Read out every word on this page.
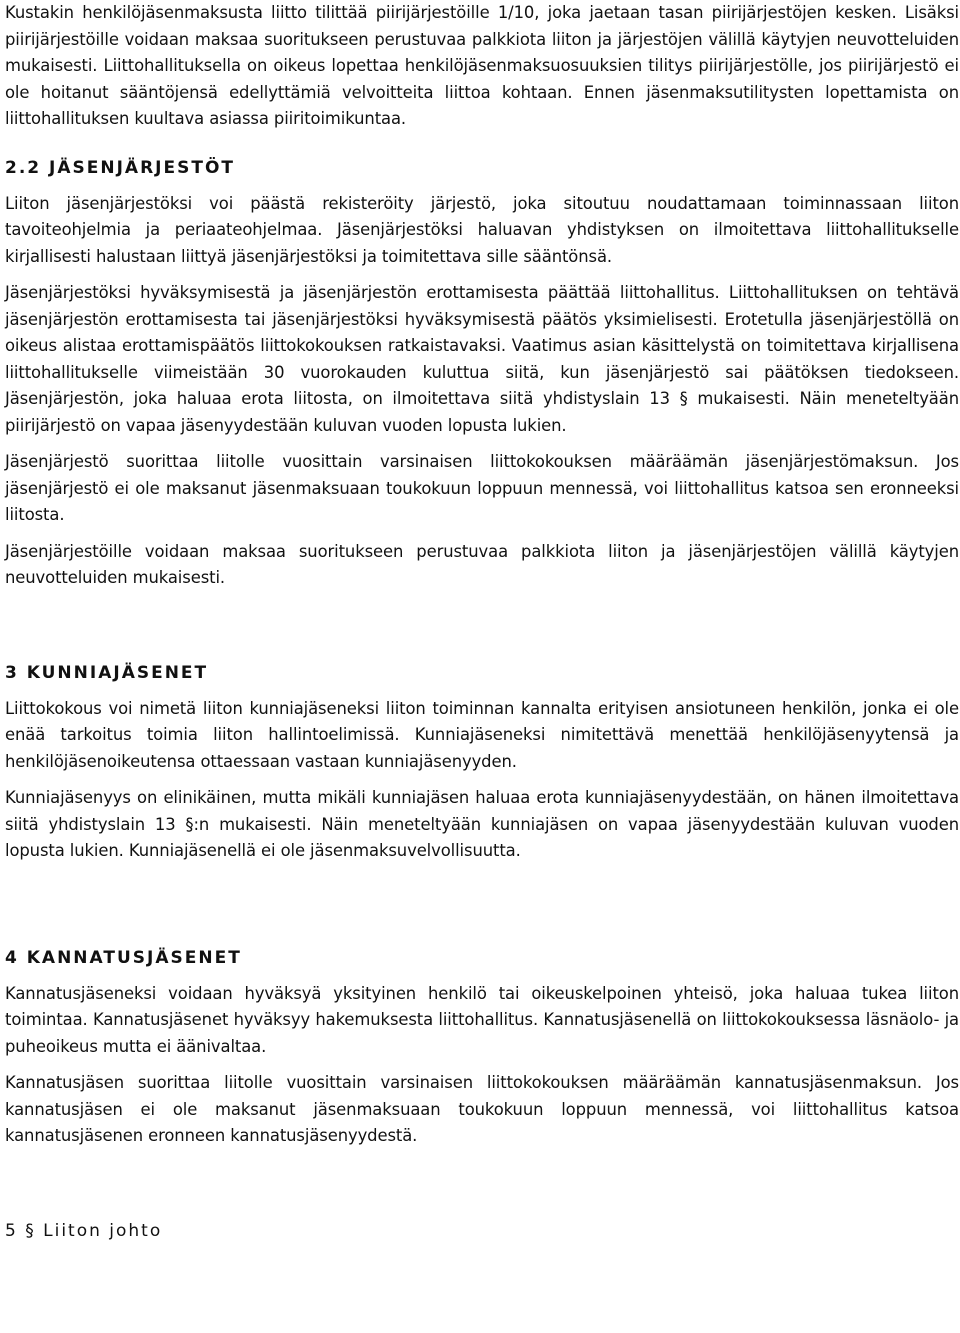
Kustakin henkilöjäsenmaksusta liitto tilittää piirijärjestöille 1/10, joka jaetaan tasan piirijärjestöjen kesken. Lisäksi piirijärjestöille voidaan maksaa suoritukseen perustuvaa palkkiota liiton ja järjestöjen välillä käytyjen neuvotteluiden mukaisesti. Liittohallituksella on oikeus lopettaa henkilöjäsenmaksuosuuksien tilitys piirijärjestölle, jos piirijärjestö ei ole hoitanut sääntöjensä edellyttämiä velvoitteita liittoa kohtaan. Ennen jäsenmaksutilitysten lopettamista on liittohallituksen kuultava asiassa piiritoimikuntaa.

2.2 JÄSENJÄRJESTÖT

Liiton jäsenjärjestöksi voi päästä rekisteröity järjestö, joka sitoutuu noudattamaan toiminnassaan liiton tavoiteohjelmia ja periaateohjelmaa. Jäsenjärjestöksi haluavan yhdistyksen on ilmoitettava liittohallitukselle kirjallisesti halustaan liittyä jäsenjärjestöksi ja toimitettava sille sääntönsä.

Jäsenjärjestöksi hyväksymisestä ja jäsenjärjestön erottamisesta päättää liittohallitus. Liittohallituksen on tehtävä jäsenjärjestön erottamisesta tai jäsenjärjestöksi hyväksymisestä päätös yksimielisesti. Erotetulla jäsenjärjestöllä on oikeus alistaa erottamispäätös liittokokouksen ratkaistavaksi. Vaatimus asian käsittelystä on toimitettava kirjallisena liittohallitukselle viimeistään 30 vuorokauden kuluttua siitä, kun jäsenjärjestö sai päätöksen tiedokseen. Jäsenjärjestön, joka haluaa erota liitosta, on ilmoitettava siitä yhdistyslain 13 § mukaisesti. Näin meneteltyään piirijärjestö on vapaa jäsenyydestään kuluvan vuoden lopusta lukien.

Jäsenjärjestö suorittaa liitolle vuosittain varsinaisen liittokokouksen määräämän jäsenjärjestömaksun. Jos jäsenjärjestö ei ole maksanut jäsenmaksuaan toukokuun loppuun mennessä, voi liittohallitus katsoa sen eronneeksi liitosta.

Jäsenjärjestöille voidaan maksaa suoritukseen perustuvaa palkkiota liiton ja jäsenjärjestöjen välillä käytyjen neuvotteluiden mukaisesti.

3 KUNNIAJÄSENET

Liittokokous voi nimetä liiton kunniajäseneksi liiton toiminnan kannalta erityisen ansiotuneen henkilön, jonka ei ole enää tarkoitus toimia liiton hallintoelimissä. Kunniajäseneksi nimitettävä menettää henkilöjäsenyytensä ja henkilöjäsenoikeutensa ottaessaan vastaan kunniajäsenyyden.

Kunniajäsenyys on elinikäinen, mutta mikäli kunniajäsen haluaa erota kunniajäsenyydestään, on hänen ilmoitettava siitä yhdistyslain 13 §:n mukaisesti. Näin meneteltyään kunniajäsen on vapaa jäsenyydestään kuluvan vuoden lopusta lukien. Kunniajäsenellä ei ole jäsenmaksuvelvollisuutta.

4 KANNATUSJÄSENET

Kannatusjäseneksi voidaan hyväksyä yksityinen henkilö tai oikeuskelpoinen yhteisö, joka haluaa tukea liiton toimintaa. Kannatusjäsenet hyväksyy hakemuksesta liittohallitus. Kannatusjäsenellä on liittokokouksessa läsnäolo- ja puheoikeus mutta ei äänivaltaa.

Kannatusjäsen suorittaa liitolle vuosittain varsinaisen liittokokouksen määräämän kannatusjäsenmaksun. Jos kannatusjäsen ei ole maksanut jäsenmaksuaan toukokuun loppuun mennessä, voi liittohallitus katsoa kannatusjäsenen eronneen kannatusjäsenyydestä.

5 § Liiton johto
